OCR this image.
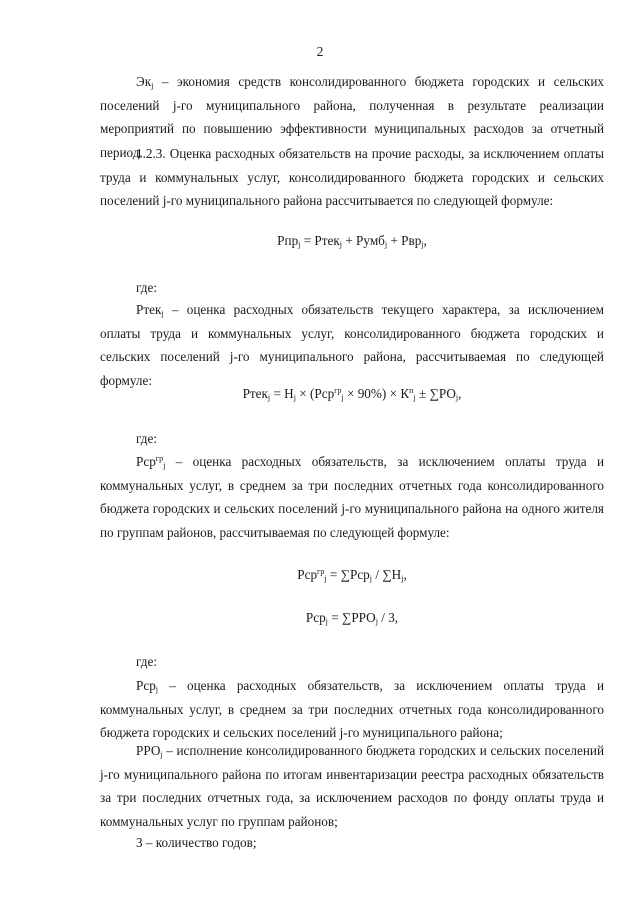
2

$Эк_j$ – экономия средств консолидированного бюджета городских и сельских поселений j-го муниципального района, полученная в результате реализации мероприятий по повышению эффективности муниципальных расходов за отчетный период.

1.2.3. Оценка расходных обязательств на прочие расходы, за исключением оплаты труда и коммунальных услуг, консолидированного бюджета городских и сельских поселений j-го муниципального района рассчитывается по следующей формуле:

Рпр$_j$ = Ртек$_j$ + Румб$_j$ + Рвр$_j$,

где:

Ртек$_j$ – оценка расходных обязательств текущего характера, за исключением оплаты труда и коммунальных услуг, консолидированного бюджета городских и сельских поселений j-го муниципального района, рассчитываемая по следующей формуле:

Ртек$_j$ = $Н_j \times (Рср^{гр}_j \times 90\%) \times К^п_j \pm \sum РО_j$,

где:

Рср$^{гр}_j$ – оценка расходных обязательств, за исключением оплаты труда и коммунальных услуг, в среднем за три последних отчетных года консолидированного бюджета городских и сельских поселений j-го муниципального района на одного жителя по группам районов, рассчитываемая по следующей формуле:

$Рср^{гр}_j = \sum Рср_j / \sum Н_j$,

$Рср_j = \sum РРО_j / 3$,

где:

Рср$_j$ – оценка расходных обязательств, за исключением оплаты труда и коммунальных услуг, в среднем за три последних отчетных года консолидированного бюджета городских и сельских поселений j-го муниципального района;

$РРО_j$ – исполнение консолидированного бюджета городских и сельских поселений j-го муниципального района по итогам инвентаризации реестра расходных обязательств за три последних отчетных года, за исключением расходов по фонду оплаты труда и коммунальных услуг по группам районов;

3 – количество годов;
